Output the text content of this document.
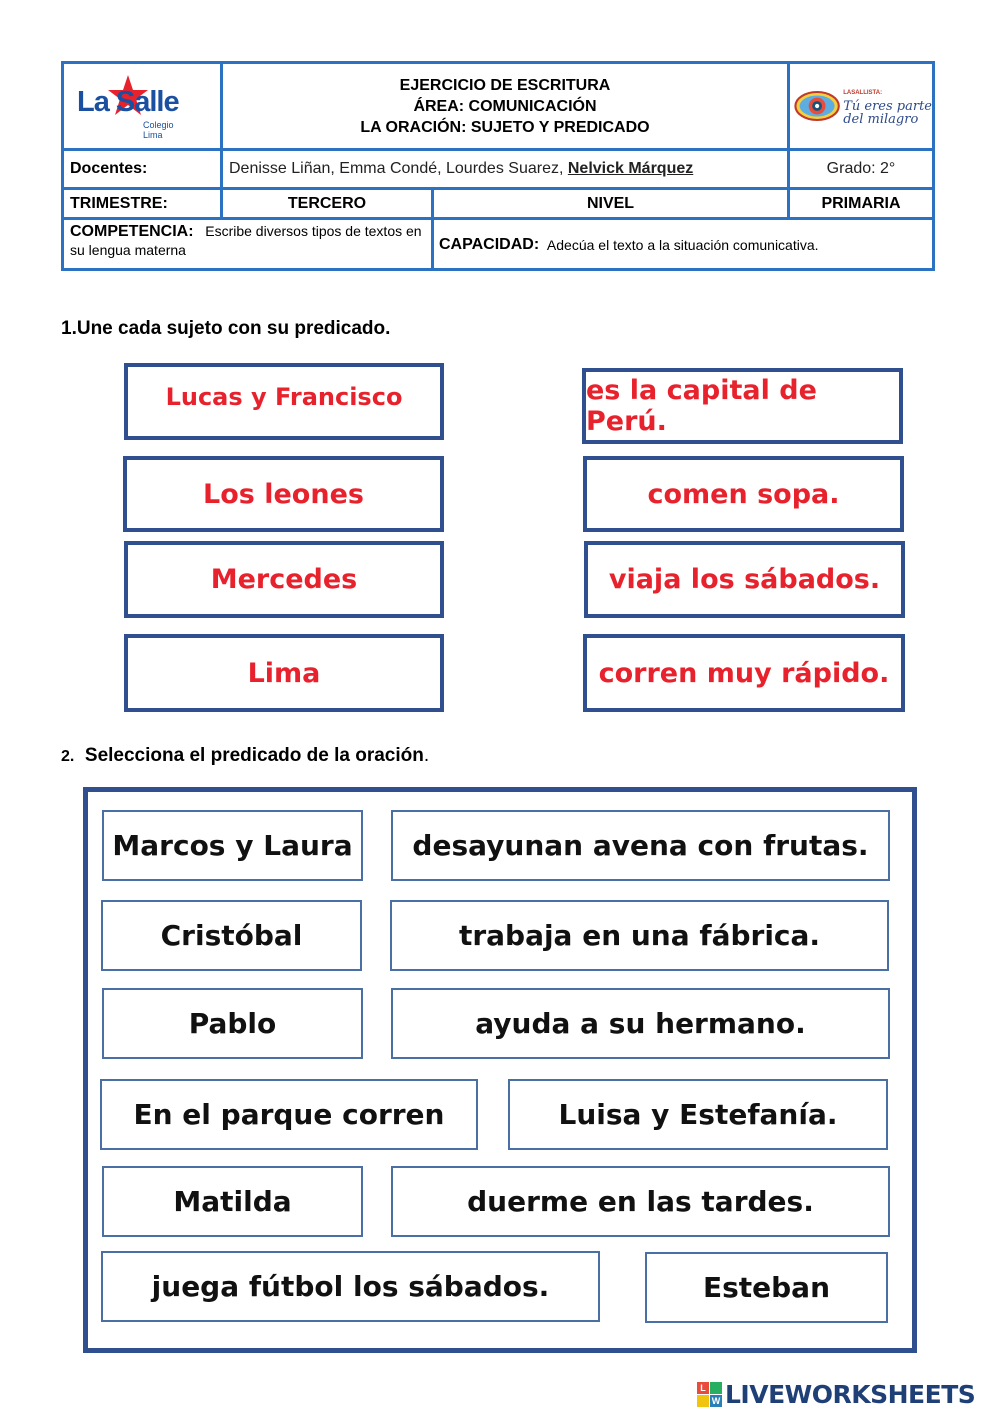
La Salle
Colegio
Lima
EJERCICIO DE ESCRITURA
ÁREA: COMUNICACIÓN
LA ORACIÓN: SUJETO Y PREDICADO
LASALLISTA:
Tú eres parte
del milagro
Docentes:	Denisse Liñan, Emma Condé, Lourdes Suarez, Nelvick Márquez	Grado: 2°
TRIMESTRE:	TERCERO	NIVEL	PRIMARIA
COMPETENCIA: Escribe diversos tipos de textos en su lengua materna	CAPACIDAD:
Adecúa el texto a la situación comunicativa.
1.Une cada sujeto con su predicado.
Lucas y Francisco
Los leones
Mercedes
Lima
es la capital de Perú.
comen sopa.
viaja los sábados.
corren muy rápido.
2. Selecciona el predicado de la oración.
Marcos y Laura	desayunan avena con frutas.
Cristóbal	trabaja en una fábrica.
Pablo	ayuda a su hermano.
En el parque corren	Luisa y Estefanía.
Matilda	duerme en las tardes.
juega fútbol los sábados.	Esteban
L
W LIVEWORKSHEETS
